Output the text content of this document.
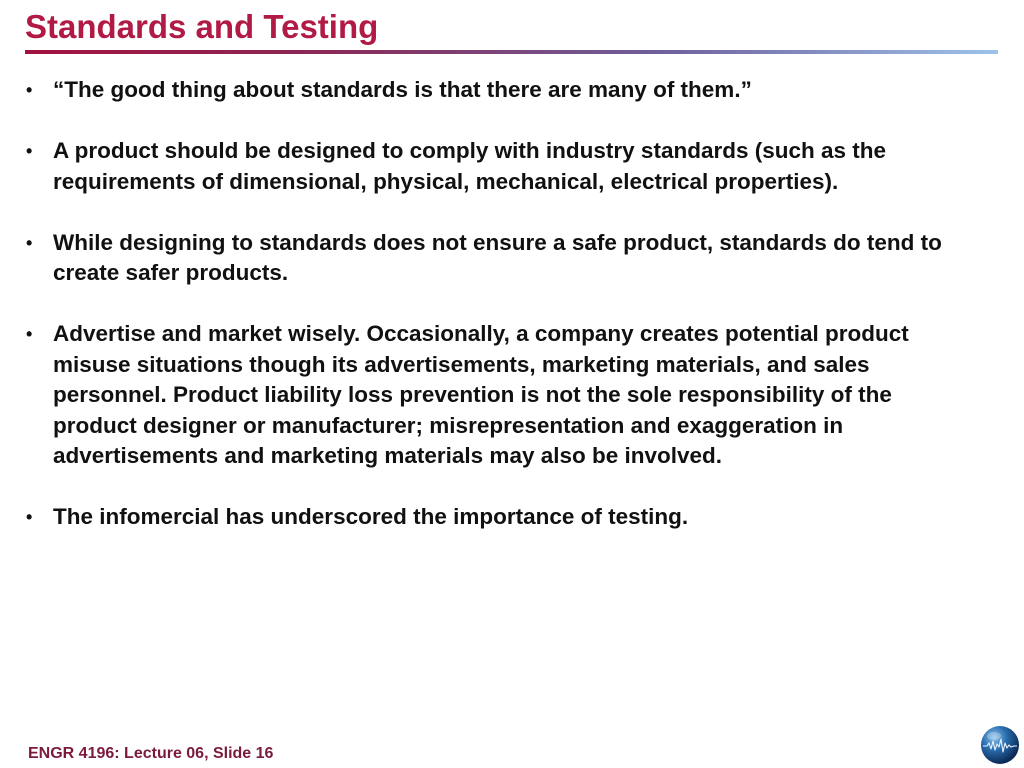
Standards and Testing
• “The good thing about standards is that there are many of them.”
• A product should be designed to comply with industry standards (such as the requirements of dimensional, physical, mechanical, electrical properties).
• While designing to standards does not ensure a safe product, standards do tend to create safer products.
• Advertise and market wisely. Occasionally, a company creates potential product misuse situations though its advertisements, marketing materials, and sales personnel. Product liability loss prevention is not the sole responsibility of the product designer or manufacturer; misrepresentation and exaggeration in advertisements and marketing materials may also be involved.
• The infomercial has underscored the importance of testing.
ENGR 4196: Lecture 06, Slide 16
